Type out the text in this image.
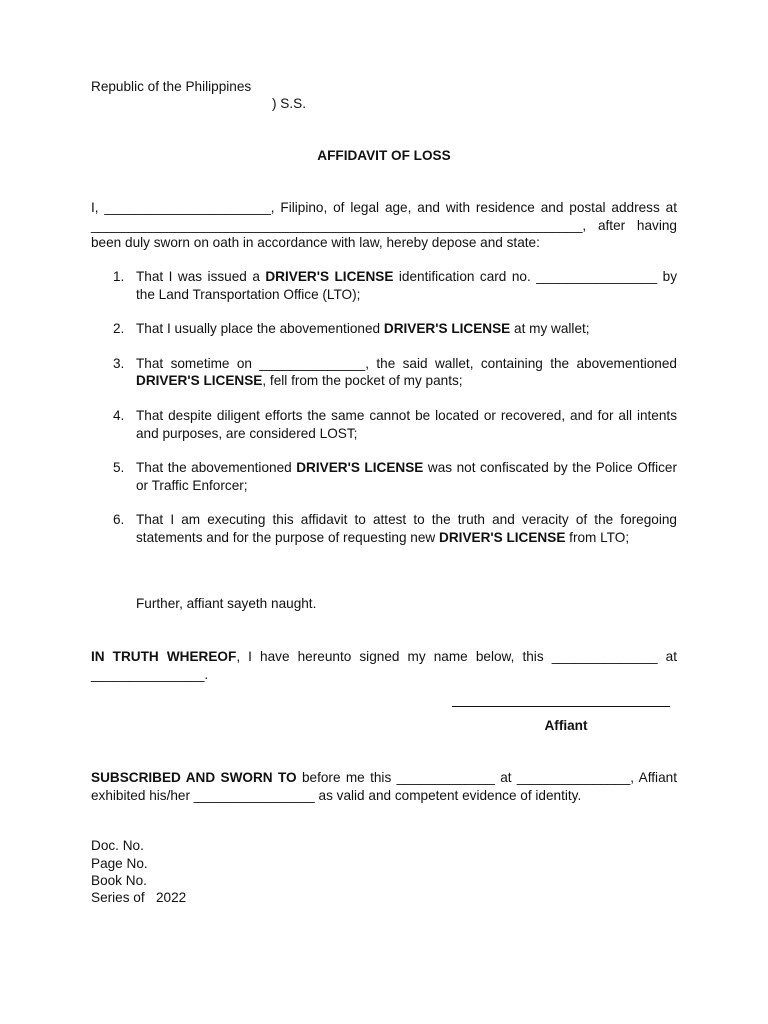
Republic of the Philippines
) S.S.
AFFIDAVIT OF LOSS
I, ______________________, Filipino, of legal age, and with residence and postal address at _________________________________________________________________, after having been duly sworn on oath in accordance with law, hereby depose and state:
1. That I was issued a DRIVER'S LICENSE identification card no. ________________ by the Land Transportation Office (LTO);
2. That I usually place the abovementioned DRIVER'S LICENSE at my wallet;
3. That sometime on ______________, the said wallet, containing the abovementioned DRIVER'S LICENSE, fell from the pocket of my pants;
4. That despite diligent efforts the same cannot be located or recovered, and for all intents and purposes, are considered LOST;
5. That the abovementioned DRIVER'S LICENSE was not confiscated by the Police Officer or Traffic Enforcer;
6. That I am executing this affidavit to attest to the truth and veracity of the foregoing statements and for the purpose of requesting new DRIVER'S LICENSE from LTO;
Further, affiant sayeth naught.
IN TRUTH WHEREOF, I have hereunto signed my name below, this ______________ at _______________.
Affiant
SUBSCRIBED AND SWORN TO before me this _____________ at _______________, Affiant exhibited his/her ________________ as valid and competent evidence of identity.
Doc. No.
Page No.
Book No.
Series of 2022
